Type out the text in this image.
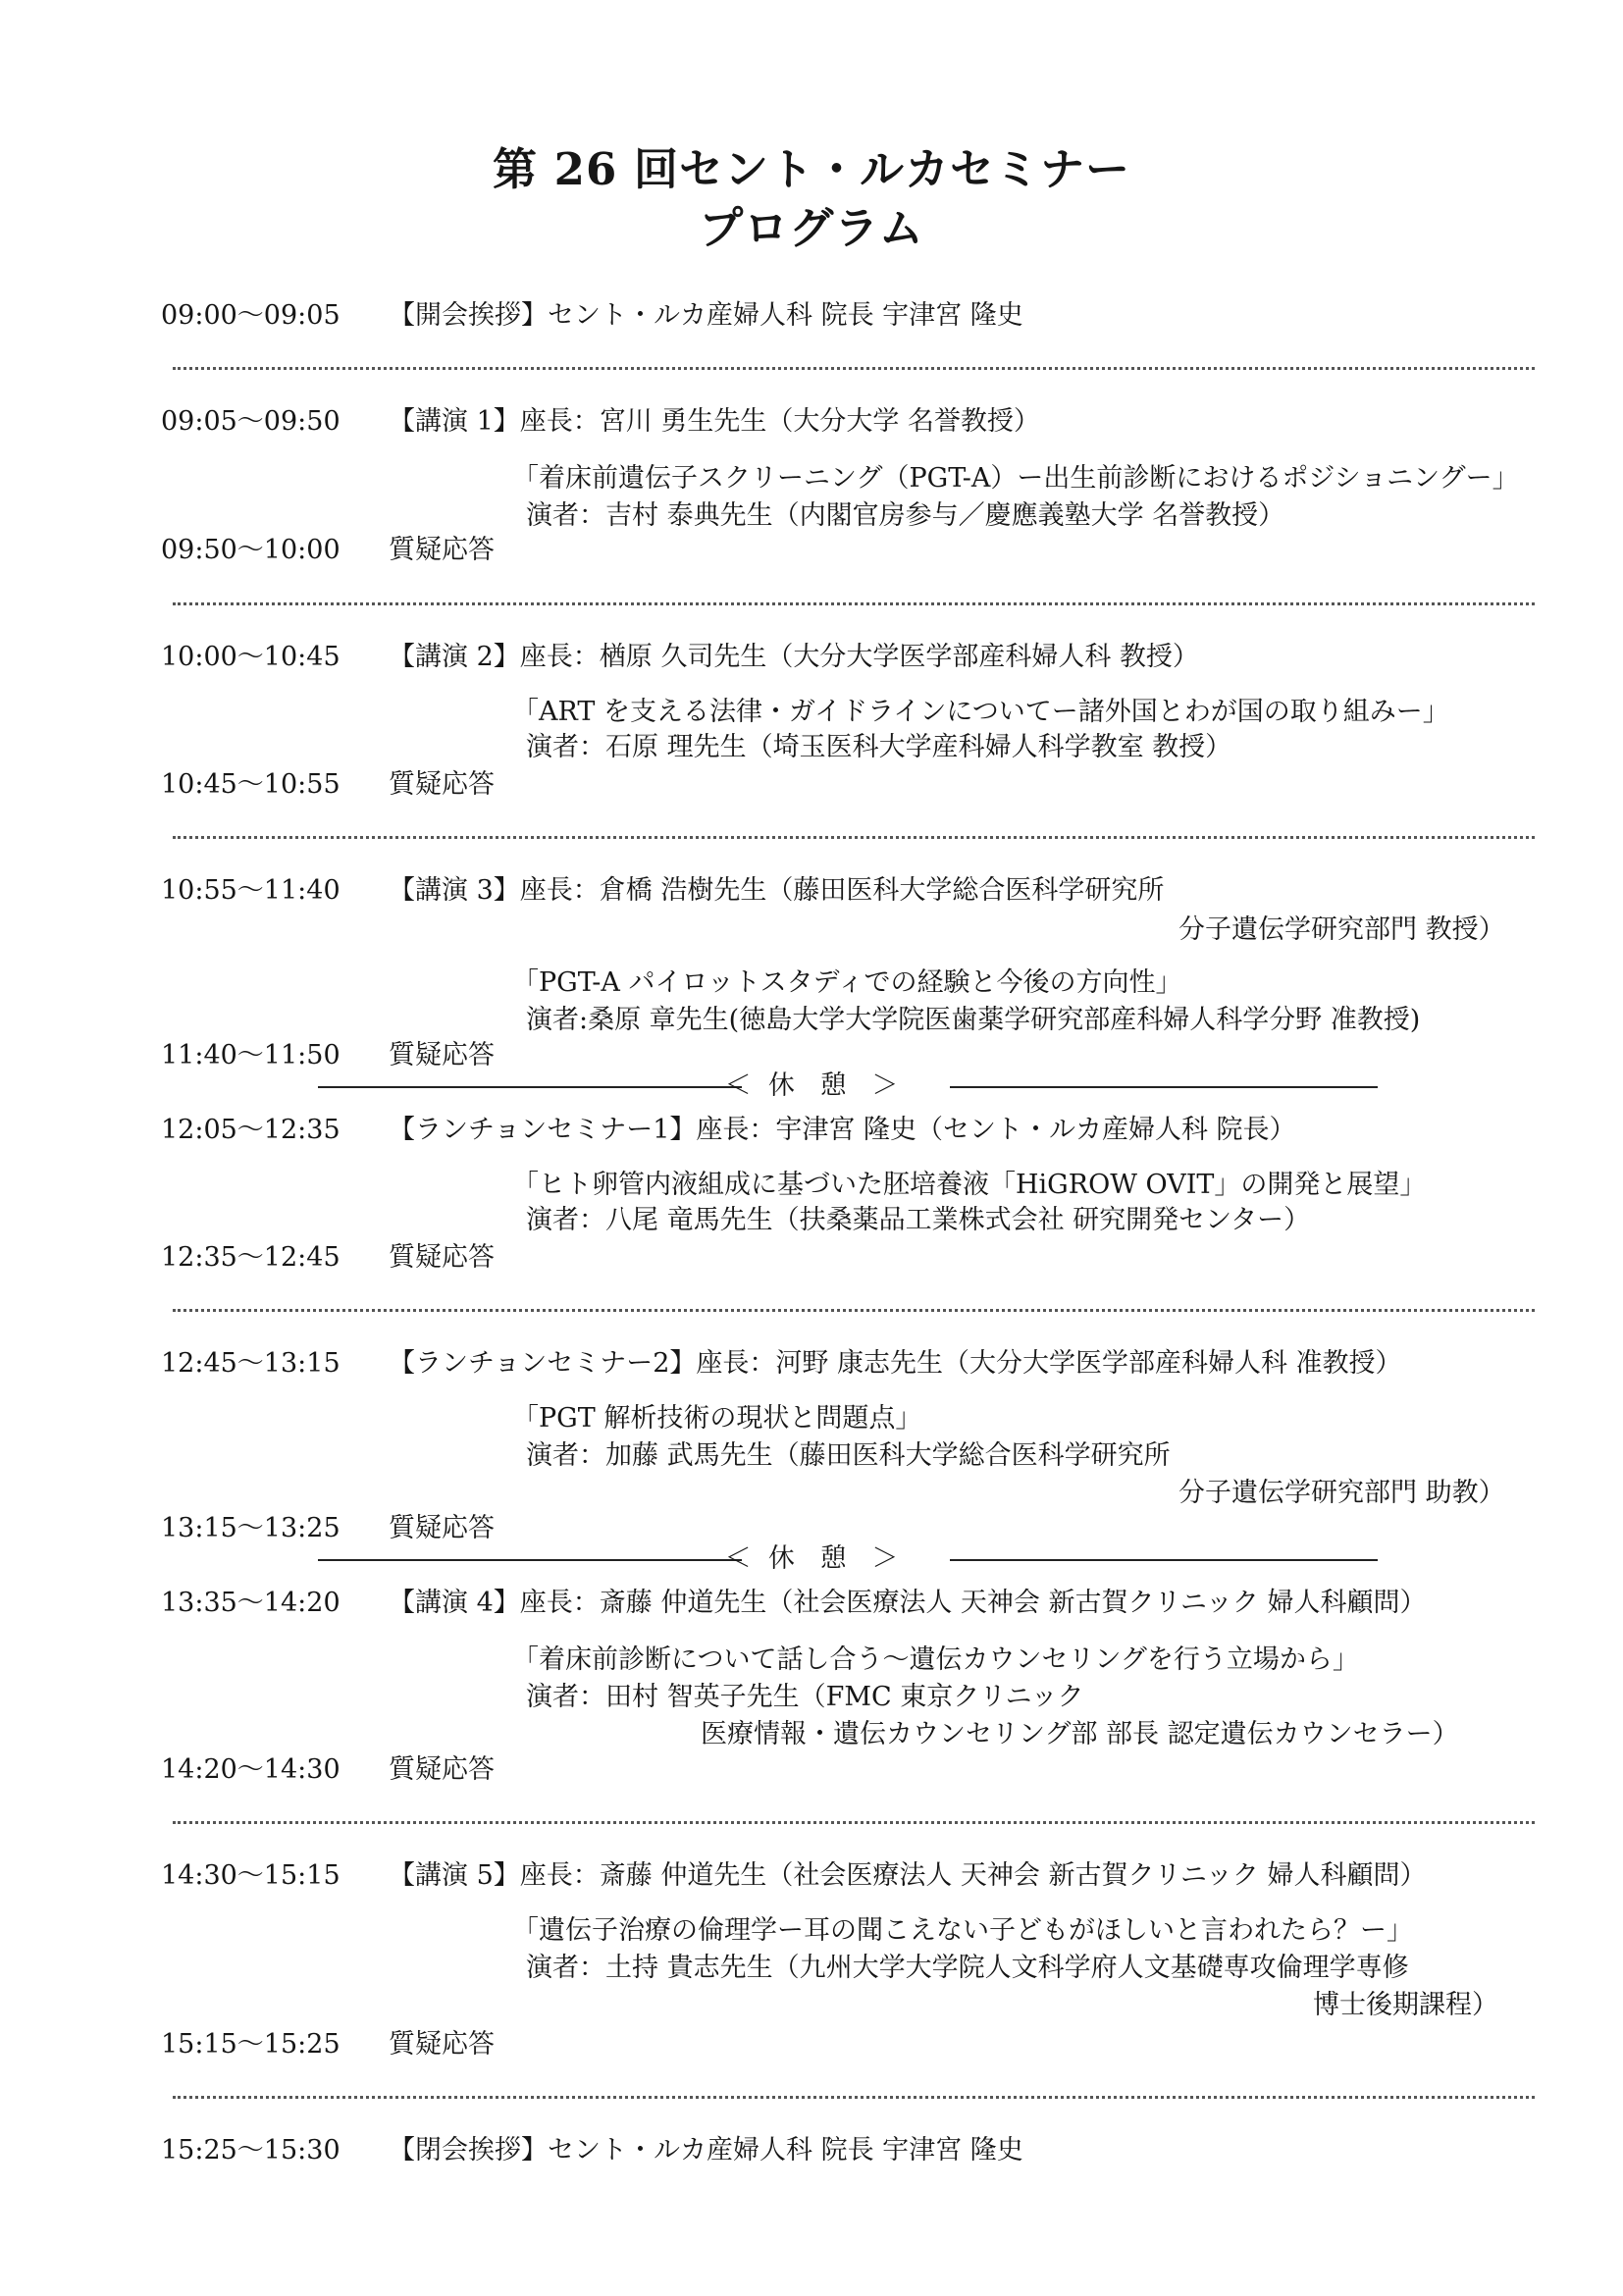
第 26 回セント・ルカセミナー
プログラム
09:00～09:05 【開会挨拶】セント・ルカ産婦人科 院長 宇津宮 隆史
09:05～09:50 【講演 1】座長：宮川 勇生先生（大分大学 名誉教授）
「着床前遺伝子スクリーニング（PGT-A）ー出生前診断におけるポジショニングー」
演者：吉村 泰典先生（内閣官房参与／慶應義塾大学 名誉教授）
09:50～10:00 質疑応答
10:00～10:45 【講演 2】座長：楢原 久司先生（大分大学医学部産科婦人科 教授）
「ART を支える法律・ガイドラインについてー諸外国とわが国の取り組みー」
演者：石原 理先生（埼玉医科大学産科婦人科学教室 教授）
10:45～10:55 質疑応答
10:55～11:40 【講演 3】座長：倉橋 浩樹先生（藤田医科大学総合医科学研究所
分子遺伝学研究部門 教授）
「PGT-A パイロットスタディでの経験と今後の方向性」
演者:桑原 章先生(徳島大学大学院医歯薬学研究部産科婦人科学分野 准教授)
11:40～11:50 質疑応答
＜  休   憩   ＞
12:05～12:35 【ランチョンセミナー1】座長：宇津宮 隆史（セント・ルカ産婦人科 院長）
「ヒト卵管内液組成に基づいた胚培養液「HiGROW OVIT」の開発と展望」
演者：八尾 竜馬先生（扶桑薬品工業株式会社 研究開発センター）
12:35～12:45 質疑応答
12:45～13:15 【ランチョンセミナー2】座長：河野 康志先生（大分大学医学部産科婦人科 准教授）
「PGT 解析技術の現状と問題点」
演者：加藤 武馬先生（藤田医科大学総合医科学研究所
分子遺伝学研究部門 助教）
13:15～13:25 質疑応答
＜  休   憩   ＞
13:35～14:20 【講演 4】座長：斎藤 仲道先生（社会医療法人 天神会 新古賀クリニック 婦人科顧問）
「着床前診断について話し合う～遺伝カウンセリングを行う立場から」
演者：田村 智英子先生（FMC 東京クリニック
医療情報・遺伝カウンセリング部 部長 認定遺伝カウンセラー）
14:20～14:30 質疑応答
14:30～15:15 【講演 5】座長：斎藤 仲道先生（社会医療法人 天神会 新古賀クリニック 婦人科顧問）
「遺伝子治療の倫理学ー耳の聞こえない子どもがほしいと言われたら？ー」
演者：土持 貴志先生（九州大学大学院人文科学府人文基礎専攻倫理学専修
博士後期課程）
15:15～15:25 質疑応答
15:25～15:30 【閉会挨拶】セント・ルカ産婦人科 院長 宇津宮 隆史
